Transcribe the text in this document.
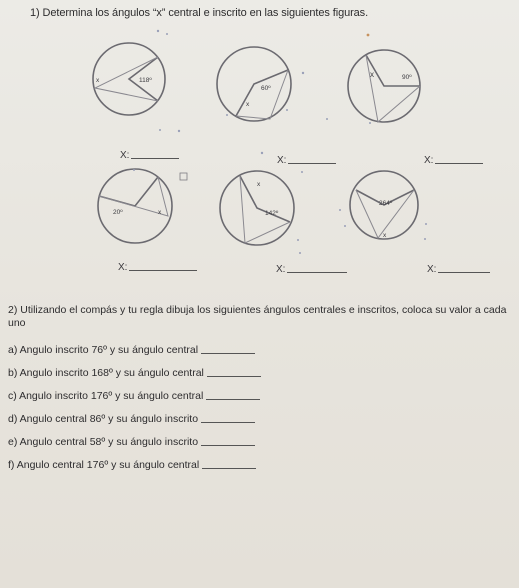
1) Determina los ángulos “x” central e inscrito en las siguientes figuras.
x	118º
60º
x
x	90º
20º	x
x
142º
264º
x
X:	X:	X:
X:	X:	X:
2) Utilizando el compás y tu regla dibuja los siguientes ángulos centrales e inscritos, coloca su valor a cada uno
a) Angulo inscrito 76º y su ángulo central
b) Angulo inscrito 168º y su ángulo central
c) Angulo inscrito 176º y su ángulo central
d) Angulo central 86º y su ángulo inscrito
e) Angulo central 58º y su ángulo inscrito
f) Angulo central 176º y su ángulo central
